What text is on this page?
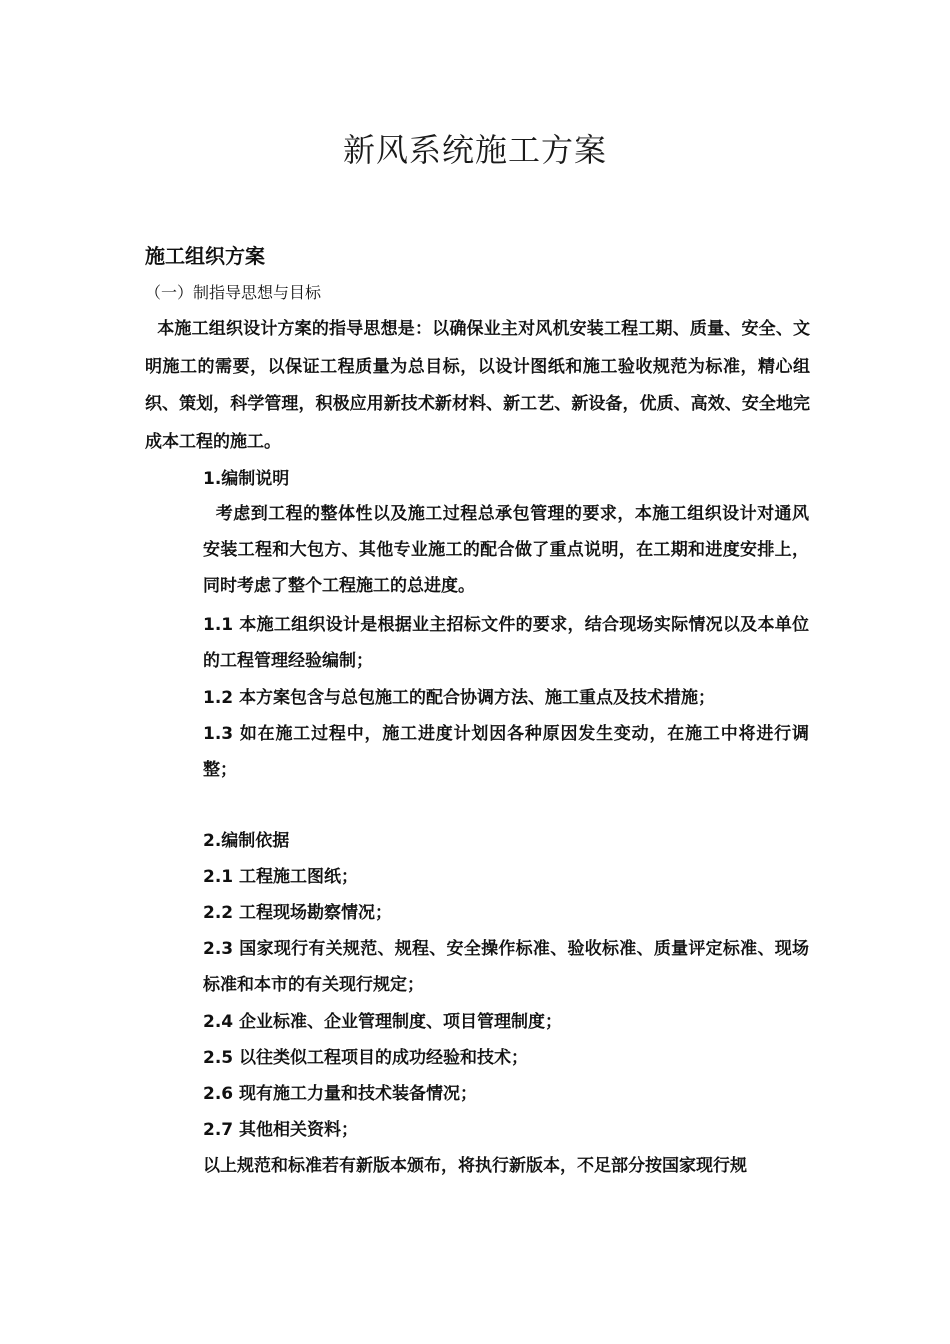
新风系统施工方案
施工组织方案
（一）制指导思想与目标
本施工组织设计方案的指导思想是：以确保业主对风机安装工程工期、质量、安全、文明施工的需要，以保证工程质量为总目标，以设计图纸和施工验收规范为标准，精心组织、策划，科学管理，积极应用新技术新材料、新工艺、新设备，优质、高效、安全地完成本工程的施工。
1.编制说明
考虑到工程的整体性以及施工过程总承包管理的要求，本施工组织设计对通风安装工程和大包方、其他专业施工的配合做了重点说明，在工期和进度安排上，同时考虑了整个工程施工的总进度。
1.1 本施工组织设计是根据业主招标文件的要求，结合现场实际情况以及本单位的工程管理经验编制；
1.2 本方案包含与总包施工的配合协调方法、施工重点及技术措施；
1.3 如在施工过程中，施工进度计划因各种原因发生变动，在施工中将进行调整；
2.编制依据
2.1 工程施工图纸；
2.2 工程现场勘察情况；
2.3 国家现行有关规范、规程、安全操作标准、验收标准、质量评定标准、现场标准和本市的有关现行规定；
2.4 企业标准、企业管理制度、项目管理制度；
2.5 以往类似工程项目的成功经验和技术；
2.6 现有施工力量和技术装备情况；
2.7 其他相关资料；
以上规范和标准若有新版本颁布，将执行新版本，不足部分按国家现行规
